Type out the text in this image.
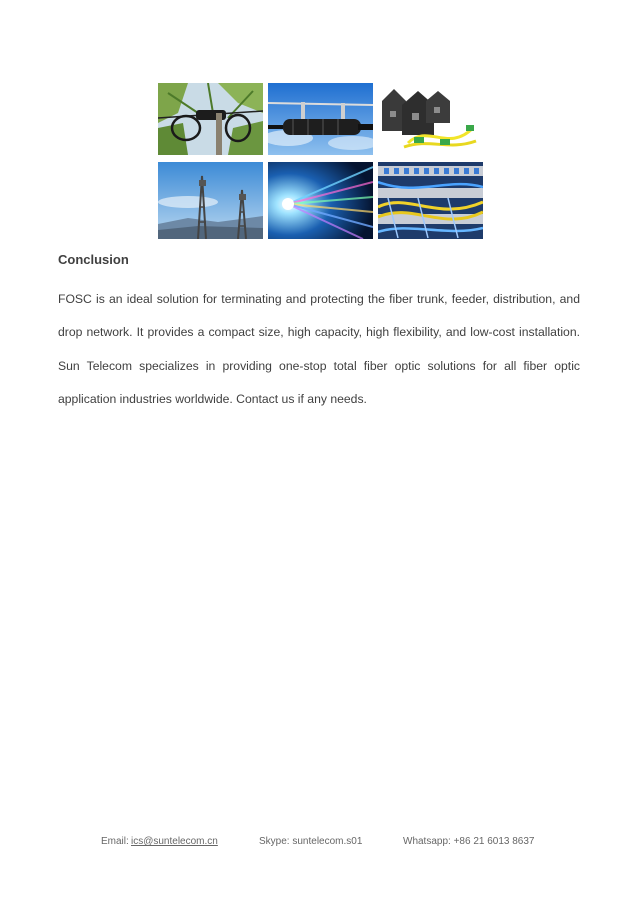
Conclusion

FOSC is an ideal solution for terminating and protecting the fiber trunk, feeder, distribution, and drop network. It provides a compact size, high capacity, high flexibility, and low-cost installation. Sun Telecom specializes in providing one-stop total fiber optic solutions for all fiber optic application industries worldwide. Contact us if any needs.

Email: ics@suntelecom.cn	Skype: suntelecom.s01	Whatsapp: +86 21 6013 8637
